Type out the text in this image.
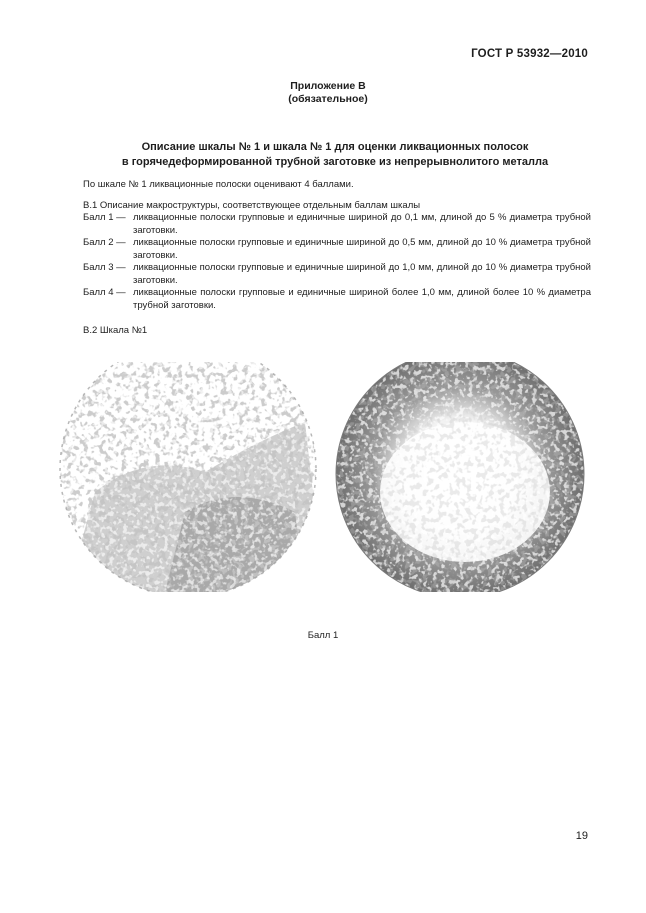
ГОСТ Р 53932—2010
Приложение В
(обязательное)
Описание шкалы № 1 и шкала № 1 для оценки ликвационных полосок
в горячедеформированной трубной заготовке из непрерывнолитого металла
По шкале № 1 ликвационные полоски оценивают 4 баллами.
В.1 Описание макроструктуры, соответствующее отдельным баллам шкалы
Балл 1 — ликвационные полоски групповые и единичные шириной до 0,1 мм, длиной до 5 % диаметра трубной заготовки.
Балл 2 — ликвационные полоски групповые и единичные шириной до 0,5 мм, длиной до 10 % диаметра трубной заготовки.
Балл 3 — ликвационные полоски групповые и единичные шириной до 1,0 мм, длиной до 10 % диаметра трубной заготовки.
Балл 4 — ликвационные полоски групповые и единичные шириной более 1,0 мм, длиной более 10 % диаметра трубной заготовки.
В.2 Шкала №1
Балл 1
19
